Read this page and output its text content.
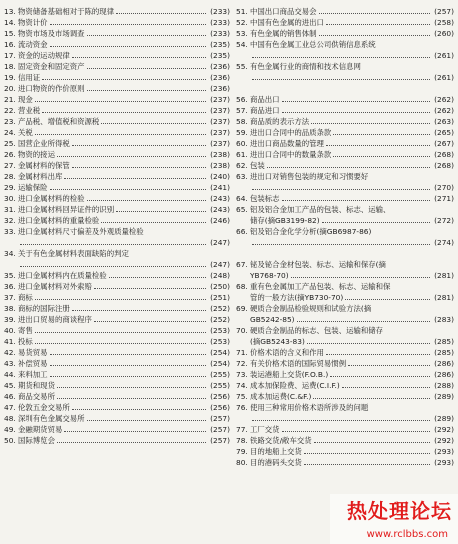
13. 物资储备基础相对于陈的现律	(233)
14. 物资计价	(233)
15. 物资市场及市场调查	(233)
16. 流动资金	(235)
17. 资金的运动规律	(235)
18. 固定资金和固定资产	(236)
19. 信用证	(236)
20. 进口物资的作价原则	(236)
21. 现金	(237)
22. 营业税	(237)
23. 产品税、增值税和资源税	(237)
24. 关税	(237)
25. 国营企业所得税	(237)
26. 物资的接运	(238)
27. 金属材料的保管	(238)
28. 金属材料出库	(240)
29. 运输保险	(241)
30. 进口金属材料的检验	(243)
31. 进口金属材料回异证件的识别	(243)
32. 进口金属材料的重量检验	(246)
33. 进口金属材料尺寸偏差及外观质量检验
(247)
34. 关于有色金属材料表面缺陷的判定
(247)
35. 进口金属材料内在质量检验	(248)
36. 进口金属材料对外索赔	(250)
37. 商标	(251)
38. 商标的国际注册	(252)
39. 进出口贸易的商谈程序	(252)
40. 寄售	(253)
41. 投标	(253)
42. 易货贸易	(254)
43. 补偿贸易	(254)
44. 来料加工	(255)
45. 期货和现货	(255)
46. 商品交易所	(256)
47. 伦敦五金交易所	(256)
48. 深圳有色金属交易所	(257)
49. 金融期货贸易	(257)
50. 国际博览会	(257)
51. 中国出口商品交易会	(257)
52. 中国有色金属的进出口	(258)
53. 有色金属的销售体制	(260)
54. 中国有色金属工业总公司供销信息系统
(261)
55. 有色金属行业的商情和技术信息网
(261)
56. 商品出口	(262)
57. 商品进口	(262)
58. 商品质的表示方法	(263)
59. 进出口合同中的品质条款	(265)
60. 进出口商品数量的管理	(267)
61. 进出口合同中的数量条款	(268)
62. 包装	(268)
63. 进出口对销售包装的规定和习惯要好
(270)
64. 包装标志	(271)
65. 铝及铝合金加工产品的包装、标志、运输、
储存(摘GB3199-82)	(272)
66. 铝及铝合金化学分析(摘GB6987-86)
(274)
67. 铋及铋合金材包装、标志、运输和保存(摘
YB768-70)	(281)
68. 重有色金属加工产品包装、标志、运输和保
管的一般方法(摘YB730-70)	(281)
69. 硬质合金制品检验规则和试验方法(摘
GB5242-85)	(283)
70. 硬质合金制品的标志、包装、运输和储存
(摘GB5243-83)	(285)
71. 价格术语的含义和作用	(285)
72. 有关价格术语的国际贸易惯例	(286)
73. 装运港船上交货(F.O.B.)	(286)
74. 成本加保险费、运费(C.I.F.)	(288)
75. 成本加运费(C.&F.)	(289)
76. 使用三种常用价格术语所涉及的问题
(289)
77. 工厂交货	(292)
78. 铁路交货/敞车交货	(292)
79. 目的地船上交货	(293)
80. 目的港码头交货	(293)
热处理论坛
www.rclbbs.com
